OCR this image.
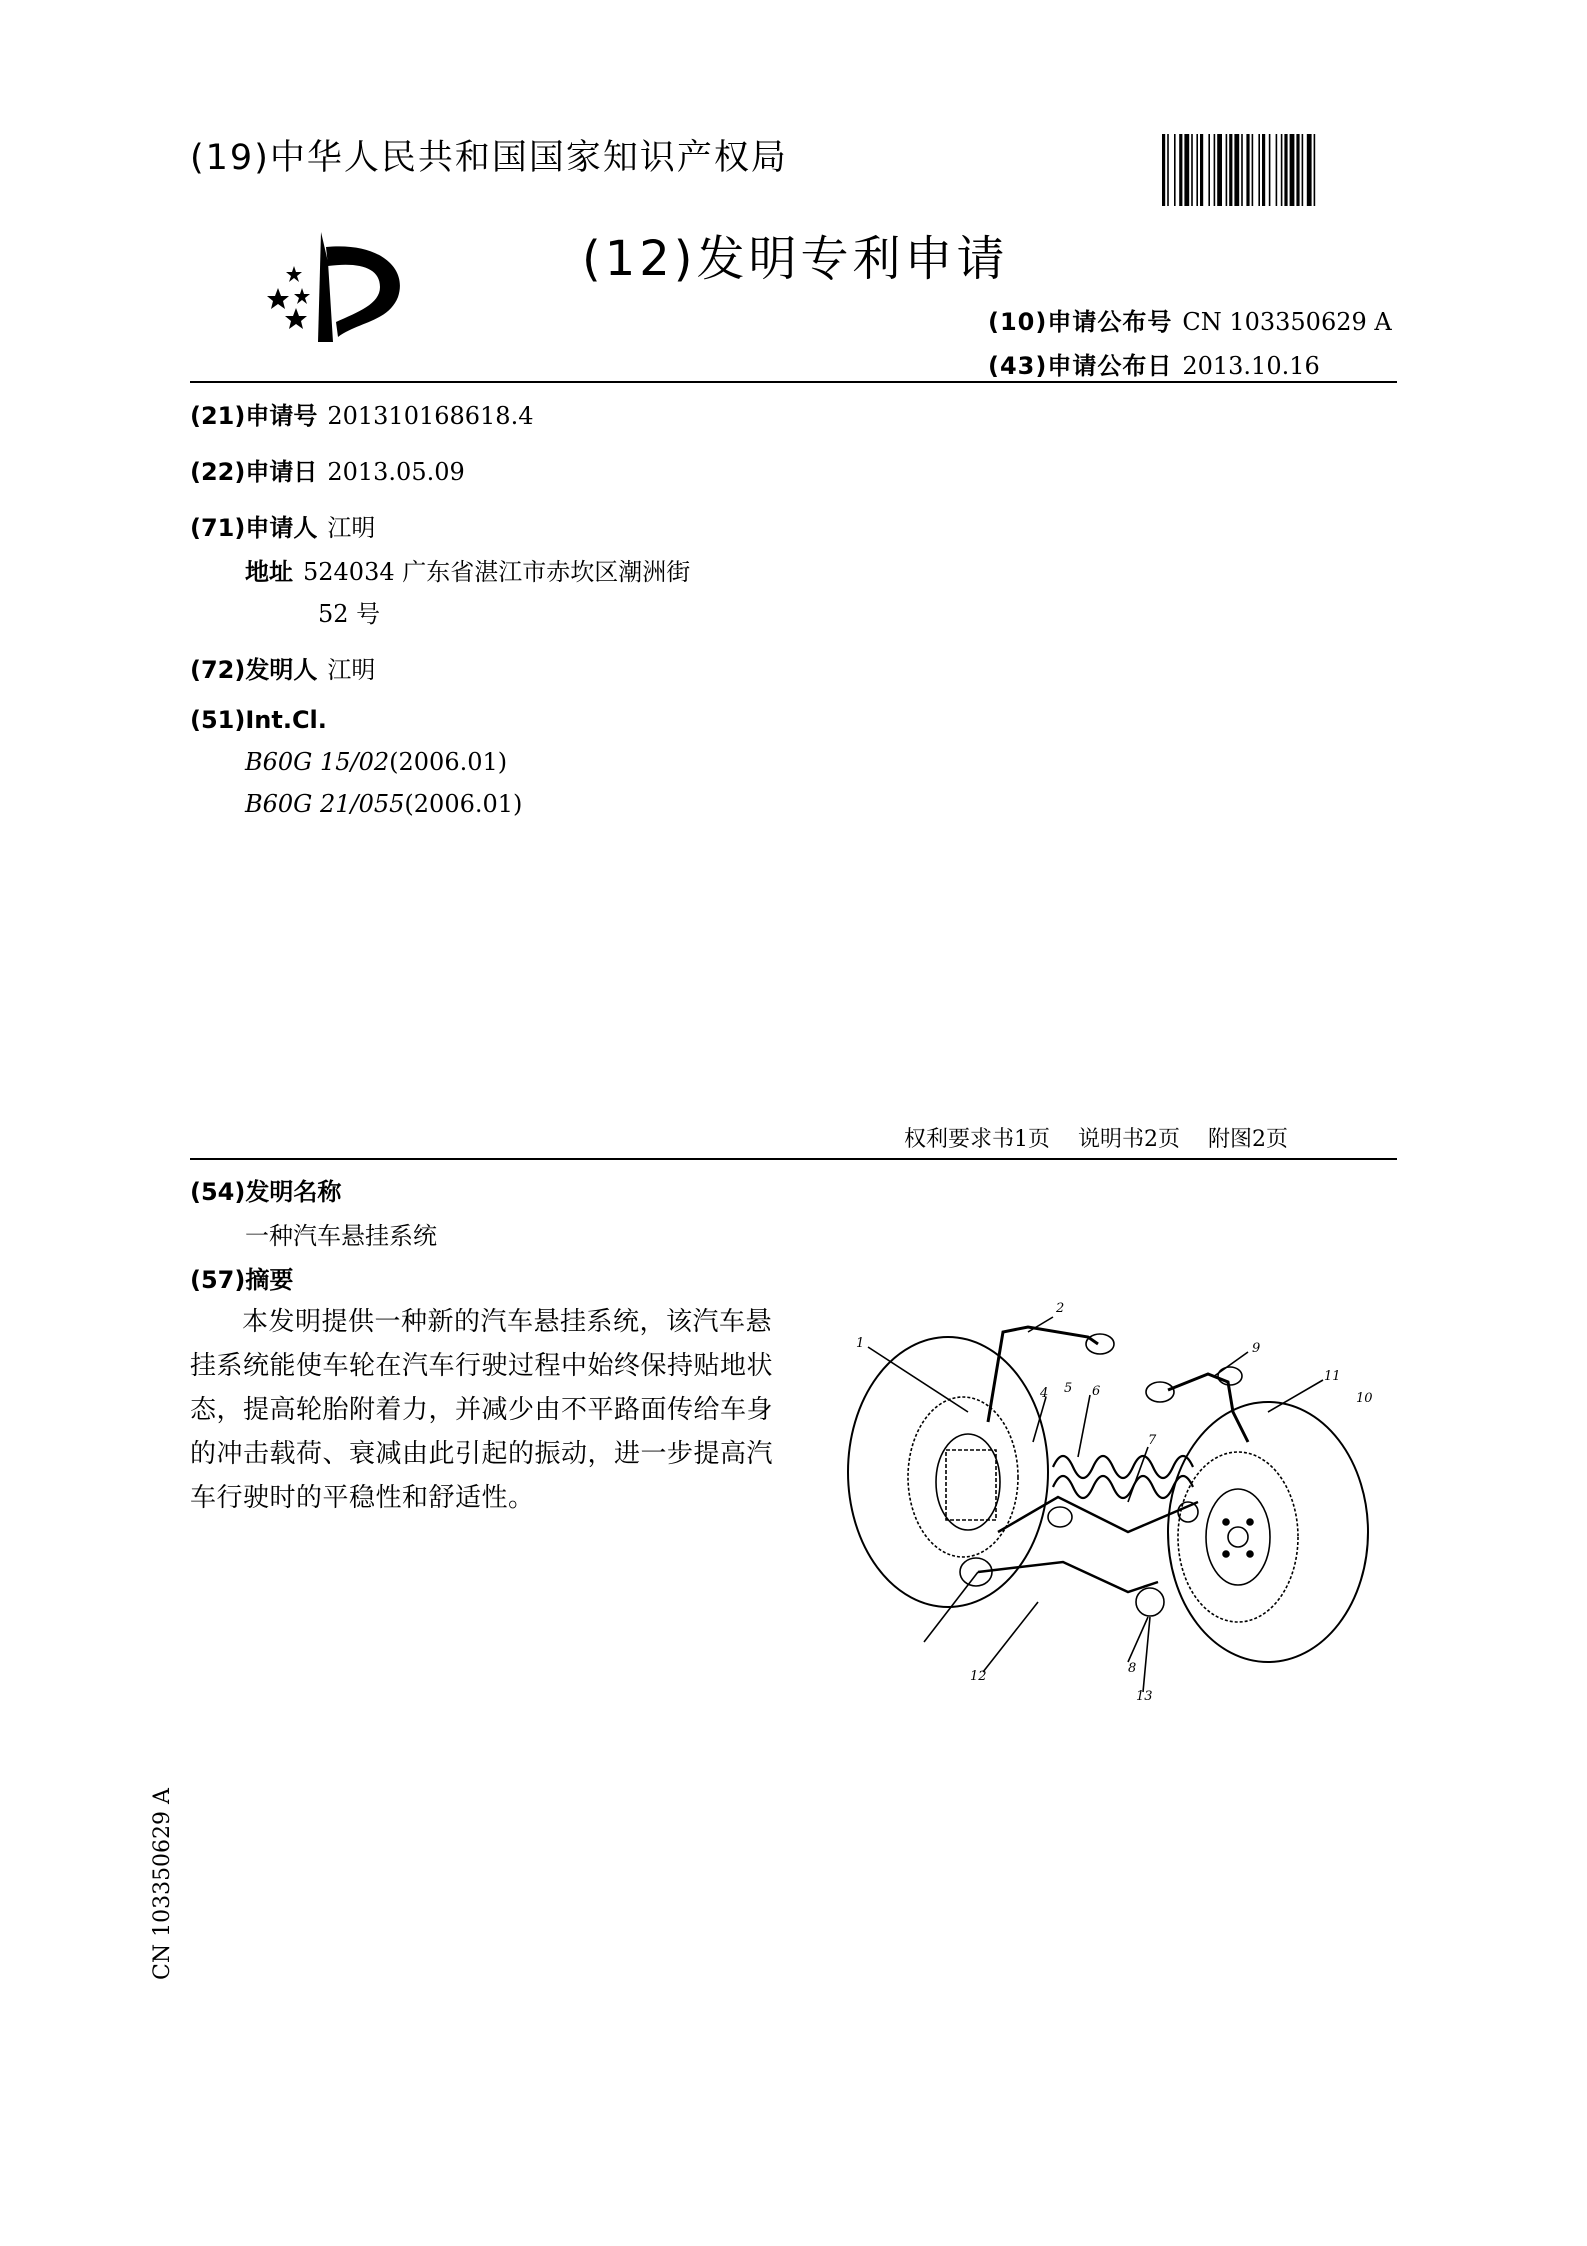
(19)中华人民共和国国家知识产权局
(12)发明专利申请
(10)申请公布号 CN 103350629 A
(43)申请公布日 2013.10.16
(21)申请号 201310168618.4
(22)申请日 2013.05.09
(71)申请人 江明
地址 524034 广东省湛江市赤坎区潮洲街
52 号
(72)发明人 江明
(51)Int.Cl.
B60G 15/02(2006.01)
B60G 21/055(2006.01)
权利要求书1页 说明书2页 附图2页
(54)发明名称
一种汽车悬挂系统
(57)摘要
本发明提供一种新的汽车悬挂系统，该汽车悬挂系统能使车轮在汽车行驶过程中始终保持贴地状态，提高轮胎附着力，并减少由不平路面传给车身的冲击载荷、衰减由此引起的振动，进一步提高汽车行驶时的平稳性和舒适性。
CN 103350629 A
1
2
4 5 6
7
8
9
10
11
12
13
